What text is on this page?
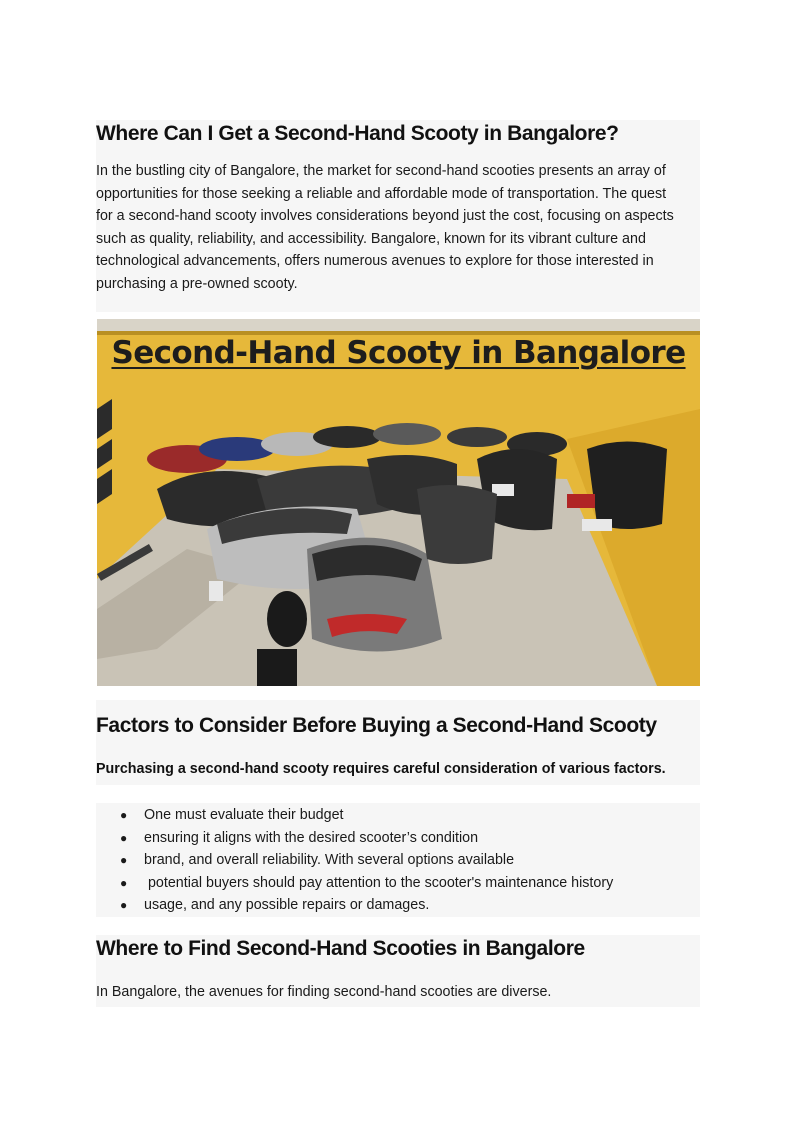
Where Can I Get a Second-Hand Scooty in Bangalore?

In the bustling city of Bangalore, the market for second-hand scooties presents an array of

opportunities for those seeking a reliable and affordable mode of transportation. The quest

for a second-hand scooty involves considerations beyond just the cost, focusing on aspects

such as quality, reliability, and accessibility. Bangalore, known for its vibrant culture and

technological advancements, offers numerous avenues to explore for those interested in

purchasing a pre-owned scooty.

Second-Hand Scooty in Bangalore
Factors to Consider Before Buying a Second-Hand Scooty

Purchasing a second-hand scooty requires careful consideration of various factors.

● One must evaluate their budget
● ensuring it aligns with the desired scooter’s condition
● brand, and overall reliability. With several options available
● potential buyers should pay attention to the scooter's maintenance history
● usage, and any possible repairs or damages.
Where to Find Second-Hand Scooties in Bangalore

In Bangalore, the avenues for finding second-hand scooties are diverse.
